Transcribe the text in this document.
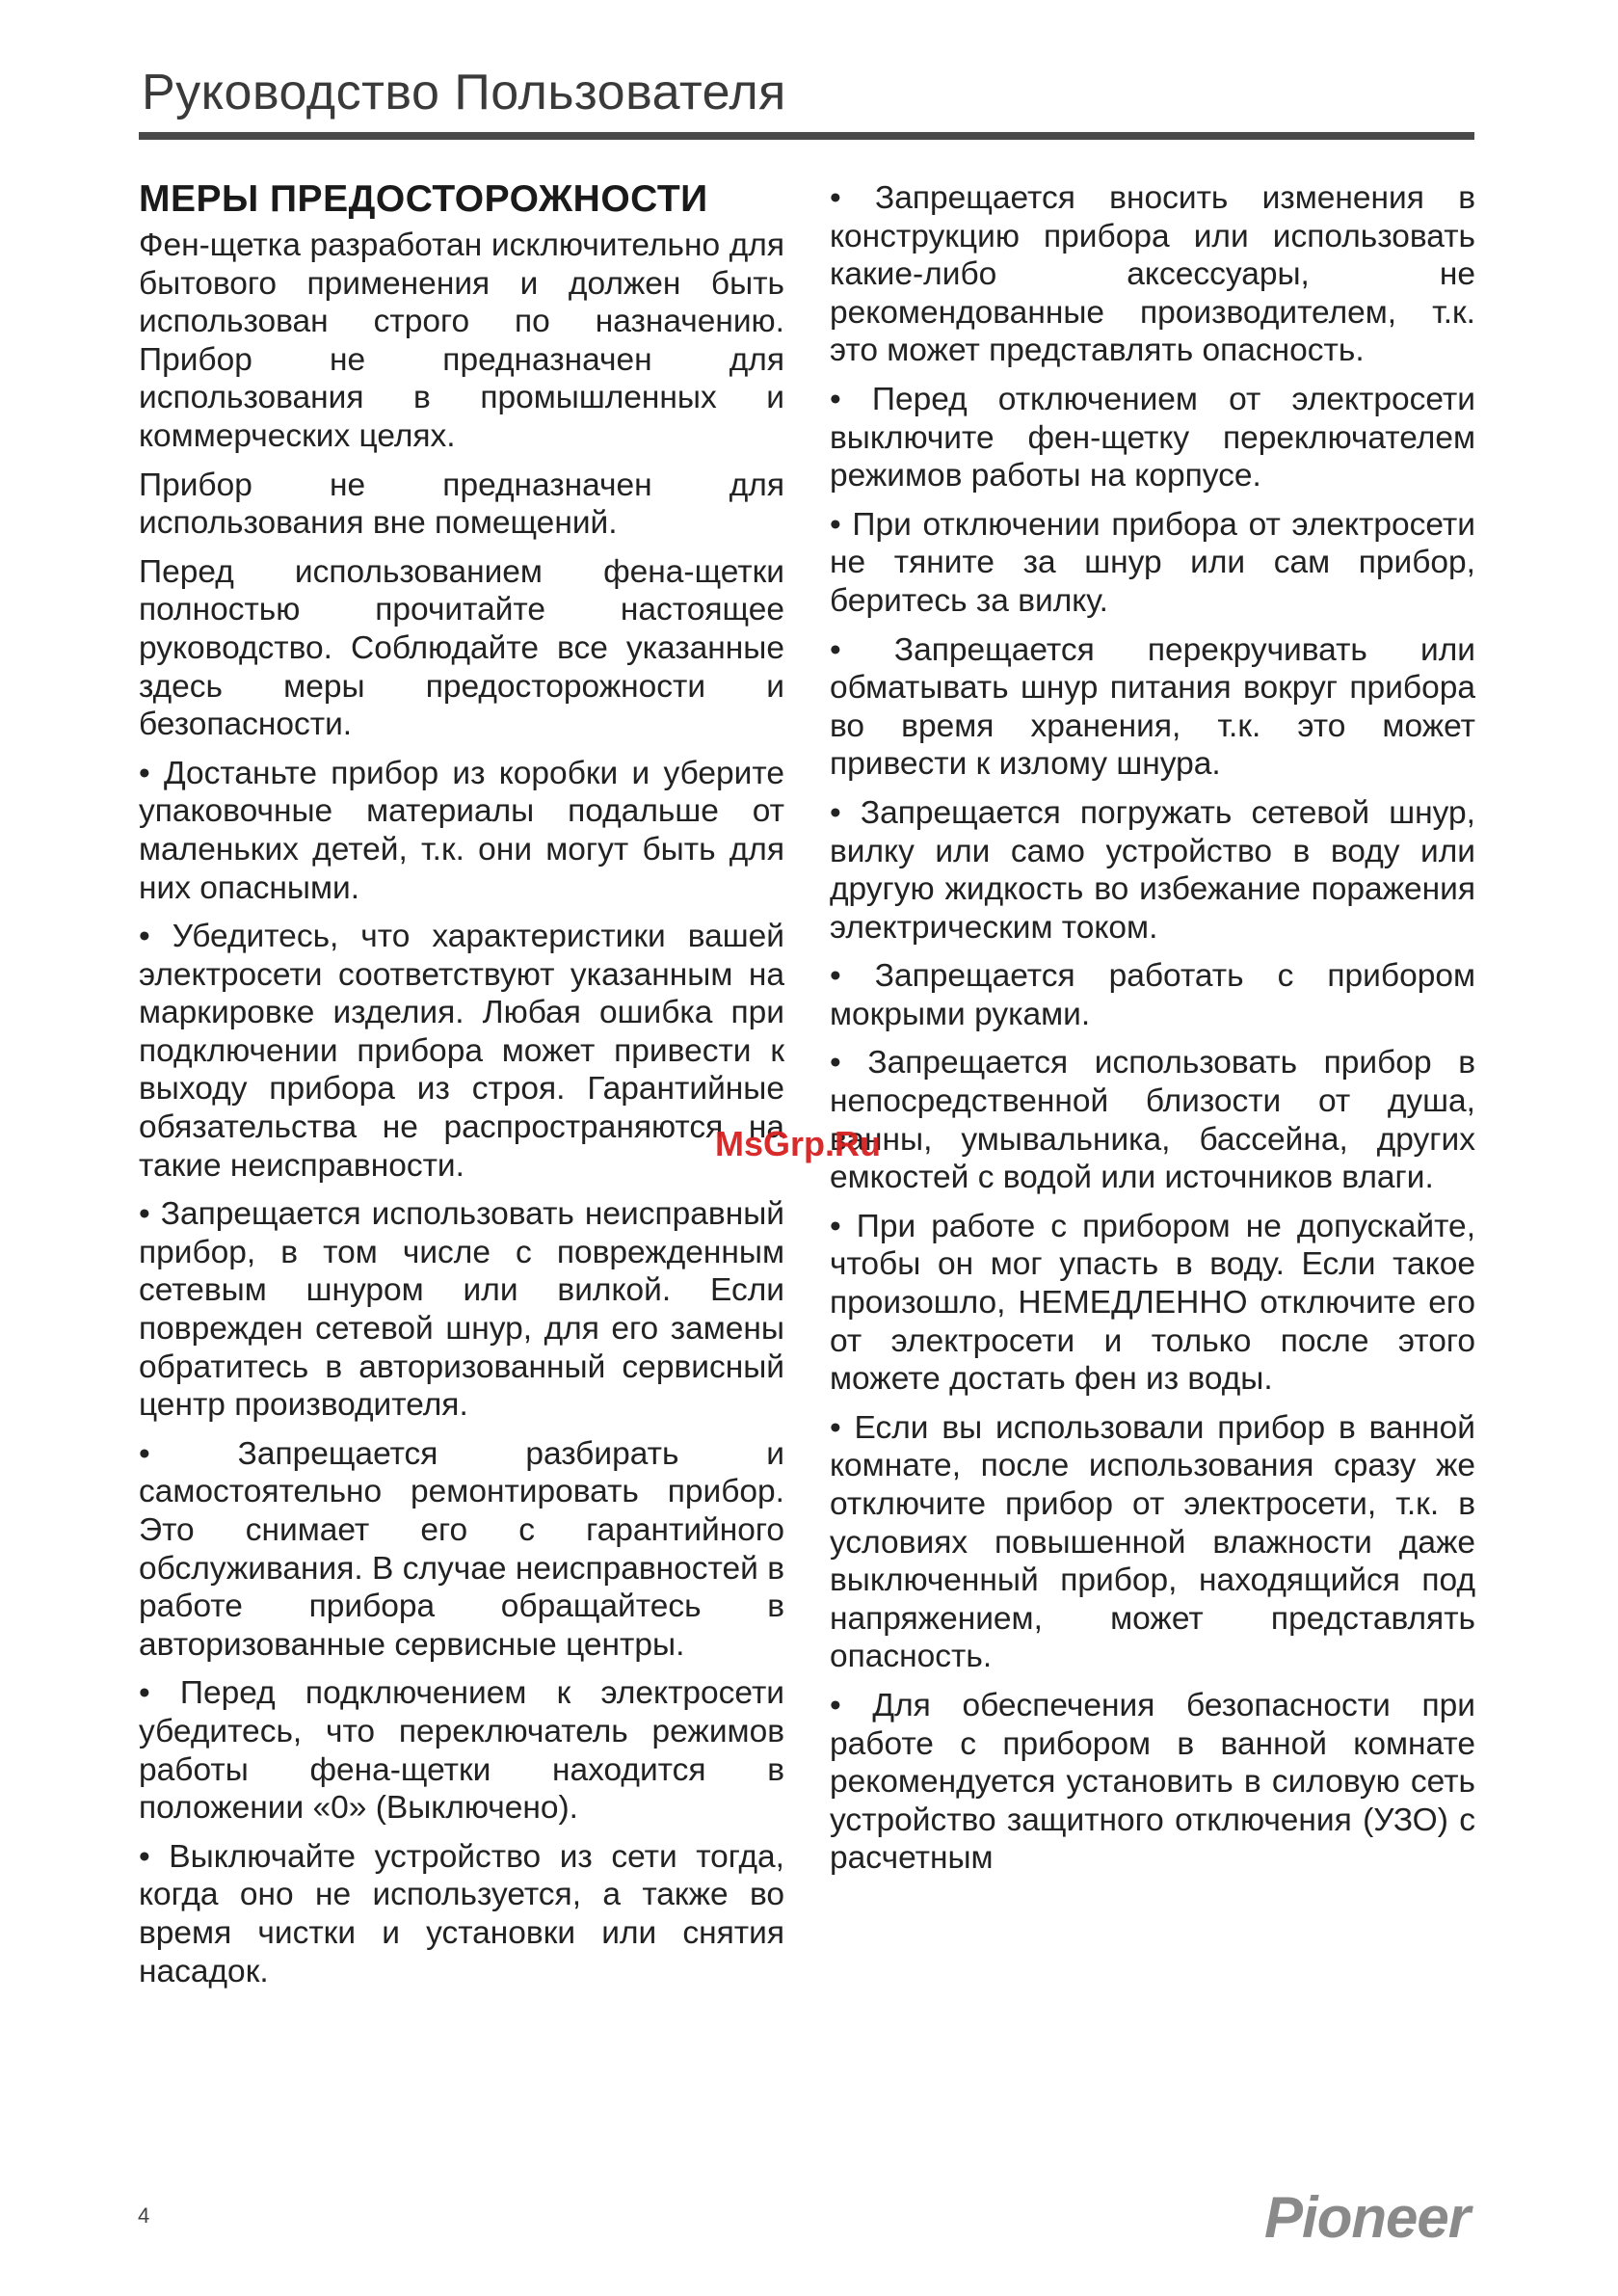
Руководство Пользователя
МЕРЫ ПРЕДОСТОРОЖНОСТИ

Фен-щетка разработан исключительно для бытового применения и должен быть использован строго по назначению. Прибор не предназначен для использования в промышленных и коммерческих целях.

Прибор не предназначен для использования вне помещений.

Перед использованием фена-щетки полностью прочитайте настоящее руководство. Соблюдайте все указанные здесь меры предосторожности и безопасности.

• Достаньте прибор из коробки и уберите упаковочные материалы подальше от маленьких детей, т.к. они могут быть для них опасными.

• Убедитесь, что характеристики вашей электросети соответствуют указанным на маркировке изделия. Любая ошибка при подключении прибора может привести к выходу прибора из строя. Гарантийные обязательства не распространяются на такие неисправности.

• Запрещается использовать неисправный прибор, в том числе с поврежденным сетевым шнуром или вилкой. Если поврежден сетевой шнур, для его замены обратитесь в авторизованный сервисный центр производителя.

• Запрещается разбирать и самостоятельно ремонтировать прибор. Это снимает его с гарантийного обслуживания. В случае неисправностей в работе прибора обращайтесь в авторизованные сервисные центры.

• Перед подключением к электросети убедитесь, что переключатель режимов работы фена-щетки находится в положении «0» (Выключено).

• Выключайте устройство из сети тогда, когда оно не используется, а также во время чистки и установки или снятия насадок.

• Запрещается вносить изменения в конструкцию прибора или использовать какие-либо аксессуары, не рекомендованные производителем, т.к. это может представлять опасность.

• Перед отключением от электросети выключите фен-щетку переключателем режимов работы на корпусе.

• При отключении прибора от электросети не тяните за шнур или сам прибор, беритесь за вилку.

• Запрещается перекручивать или обматывать шнур питания вокруг прибора во время хранения, т.к. это может привести к излому шнура.

• Запрещается погружать сетевой шнур, вилку или само устройство в воду или другую жидкость во избежание поражения электрическим током.

• Запрещается работать с прибором мокрыми руками.

• Запрещается использовать прибор в непосредственной близости от душа, ванны, умывальника, бассейна, других емкостей с водой или источников влаги.

• При работе с прибором не допускайте, чтобы он мог упасть в воду. Если такое произошло, НЕМЕДЛЕННО отключите его от электросети и только после этого можете достать фен из воды.

• Если вы использовали прибор в ванной комнате, после использования сразу же отключите прибор от электросети, т.к. в условиях повышенной влажности даже выключенный прибор, находящийся под напряжением, может представлять опасность.

• Для обеспечения безопасности при работе с прибором в ванной комнате рекомендуется установить в силовую сеть устройство защитного отключения (УЗО) с расчетным

MsGrp.Ru
4	Pioneer
